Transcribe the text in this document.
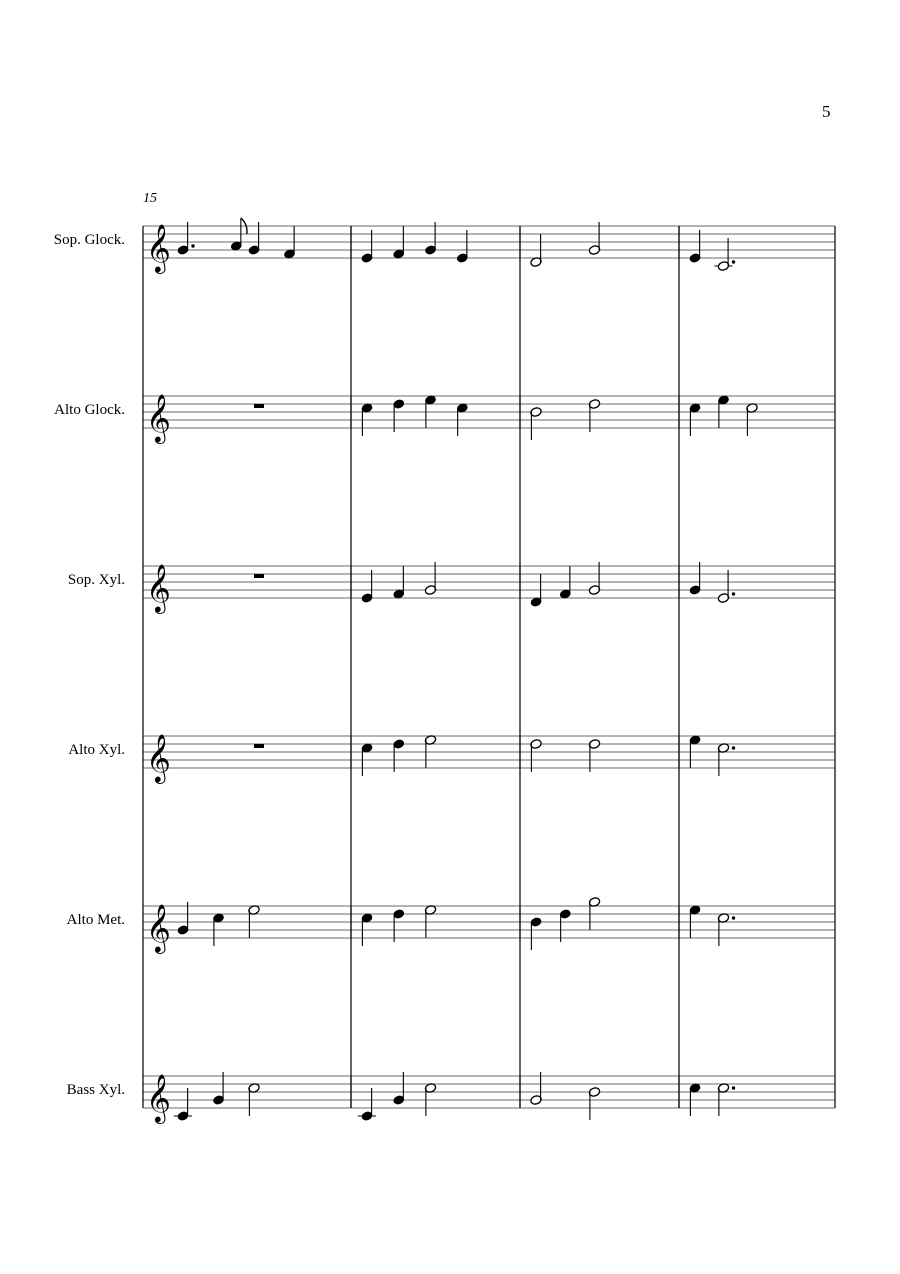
5
15
Sop. Glock.
Alto Glock.
Sop. Xyl.
Alto Xyl.
Alto Met.
Bass Xyl.
𝄞
𝄞
𝄞
𝄞
𝄞
𝄞
